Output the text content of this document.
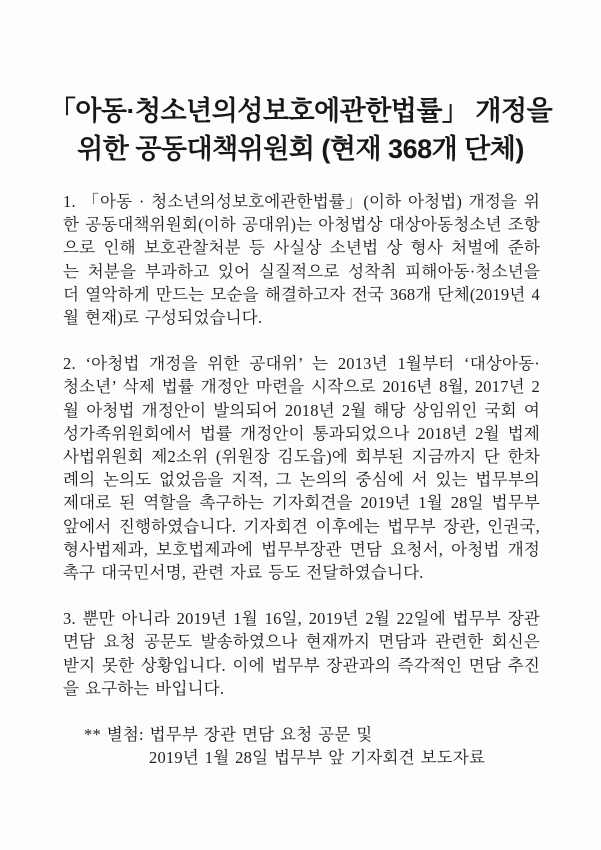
「아동·청소년의성보호에관한법률」 개정을
위한 공동대책위원회 (현재 368개 단체)
1. 「아동 · 청소년의성보호에관한법률」(이하 아청법) 개정을 위
한 공동대책위원회(이하 공대위)는 아청법상 대상아동청소년 조항
으로 인해 보호관찰처분 등 사실상 소년법 상 형사 처벌에 준하
는 처분을 부과하고 있어 실질적으로 성착취 피해아동·청소년을
더 열악하게 만드는 모순을 해결하고자 전국 368개 단체(2019년 4
월 현재)로 구성되었습니다.
2. ‘아청법 개정을 위한 공대위’ 는 2013년 1월부터 ‘대상아동·
청소년’ 삭제 법률 개정안 마련을 시작으로 2016년 8월, 2017년 2
월 아청법 개정안이 발의되어 2018년 2월 해당 상임위인 국회 여
성가족위원회에서 법률 개정안이 통과되었으나 2018년 2월 법제
사법위원회 제2소위 (위원장 김도읍)에 회부된 지금까지 단 한차
례의 논의도 없었음을 지적, 그 논의의 중심에 서 있는 법무부의
제대로 된 역할을 촉구하는 기자회견을 2019년 1월 28일 법무부
앞에서 진행하였습니다. 기자회견 이후에는 법무부 장관, 인권국,
형사법제과, 보호법제과에 법무부장관 면담 요청서, 아청법 개정
촉구 대국민서명, 관련 자료 등도 전달하였습니다.
3. 뿐만 아니라 2019년 1월 16일, 2019년 2월 22일에 법무부 장관
면담 요청 공문도 발송하였으나 현재까지 면담과 관련한 회신은
받지 못한 상황입니다. 이에 법무부 장관과의 즉각적인 면담 추진
을 요구하는 바입니다.
** 별첨: 법무부 장관 면담 요청 공문 및
2019년 1월 28일 법무부 앞 기자회견 보도자료
